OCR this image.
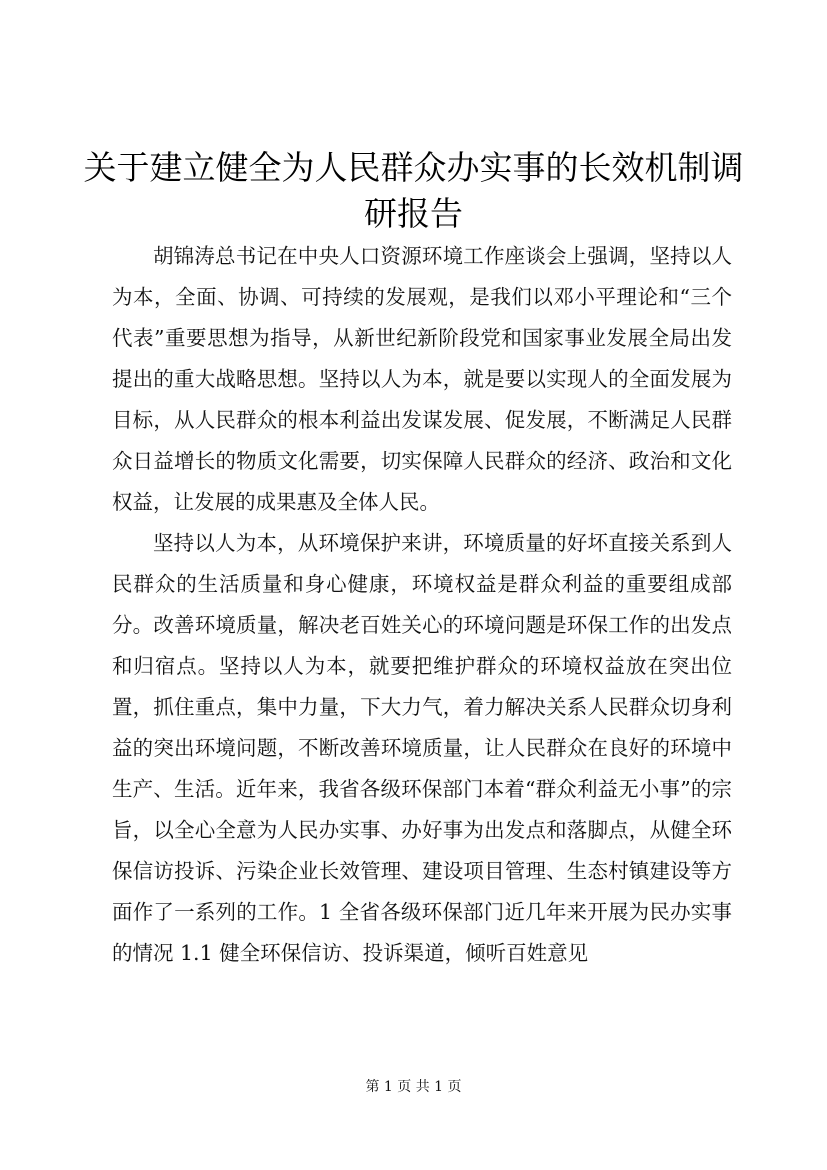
关于建立健全为人民群众办实事的长效机制调研报告

胡锦涛总书记在中央人口资源环境工作座谈会上强调，坚持以人为本，全面、协调、可持续的发展观，是我们以邓小平理论和“三个代表”重要思想为指导，从新世纪新阶段党和国家事业发展全局出发提出的重大战略思想。坚持以人为本，就是要以实现人的全面发展为目标，从人民群众的根本利益出发谋发展、促发展，不断满足人民群众日益增长的物质文化需要，切实保障人民群众的经济、政治和文化权益，让发展的成果惠及全体人民。

坚持以人为本，从环境保护来讲，环境质量的好坏直接关系到人民群众的生活质量和身心健康，环境权益是群众利益的重要组成部分。改善环境质量，解决老百姓关心的环境问题是环保工作的出发点和归宿点。坚持以人为本，就要把维护群众的环境权益放在突出位置，抓住重点，集中力量，下大力气，着力解决关系人民群众切身利益的突出环境问题，不断改善环境质量，让人民群众在良好的环境中生产、生活。近年来，我省各级环保部门本着“群众利益无小事”的宗旨，以全心全意为人民办实事、办好事为出发点和落脚点，从健全环保信访投诉、污染企业长效管理、建设项目管理、生态村镇建设等方面作了一系列的工作。1 全省各级环保部门近几年来开展为民办实事的情况 1.1 健全环保信访、投诉渠道，倾听百姓意见

第 1 页 共 1 页
